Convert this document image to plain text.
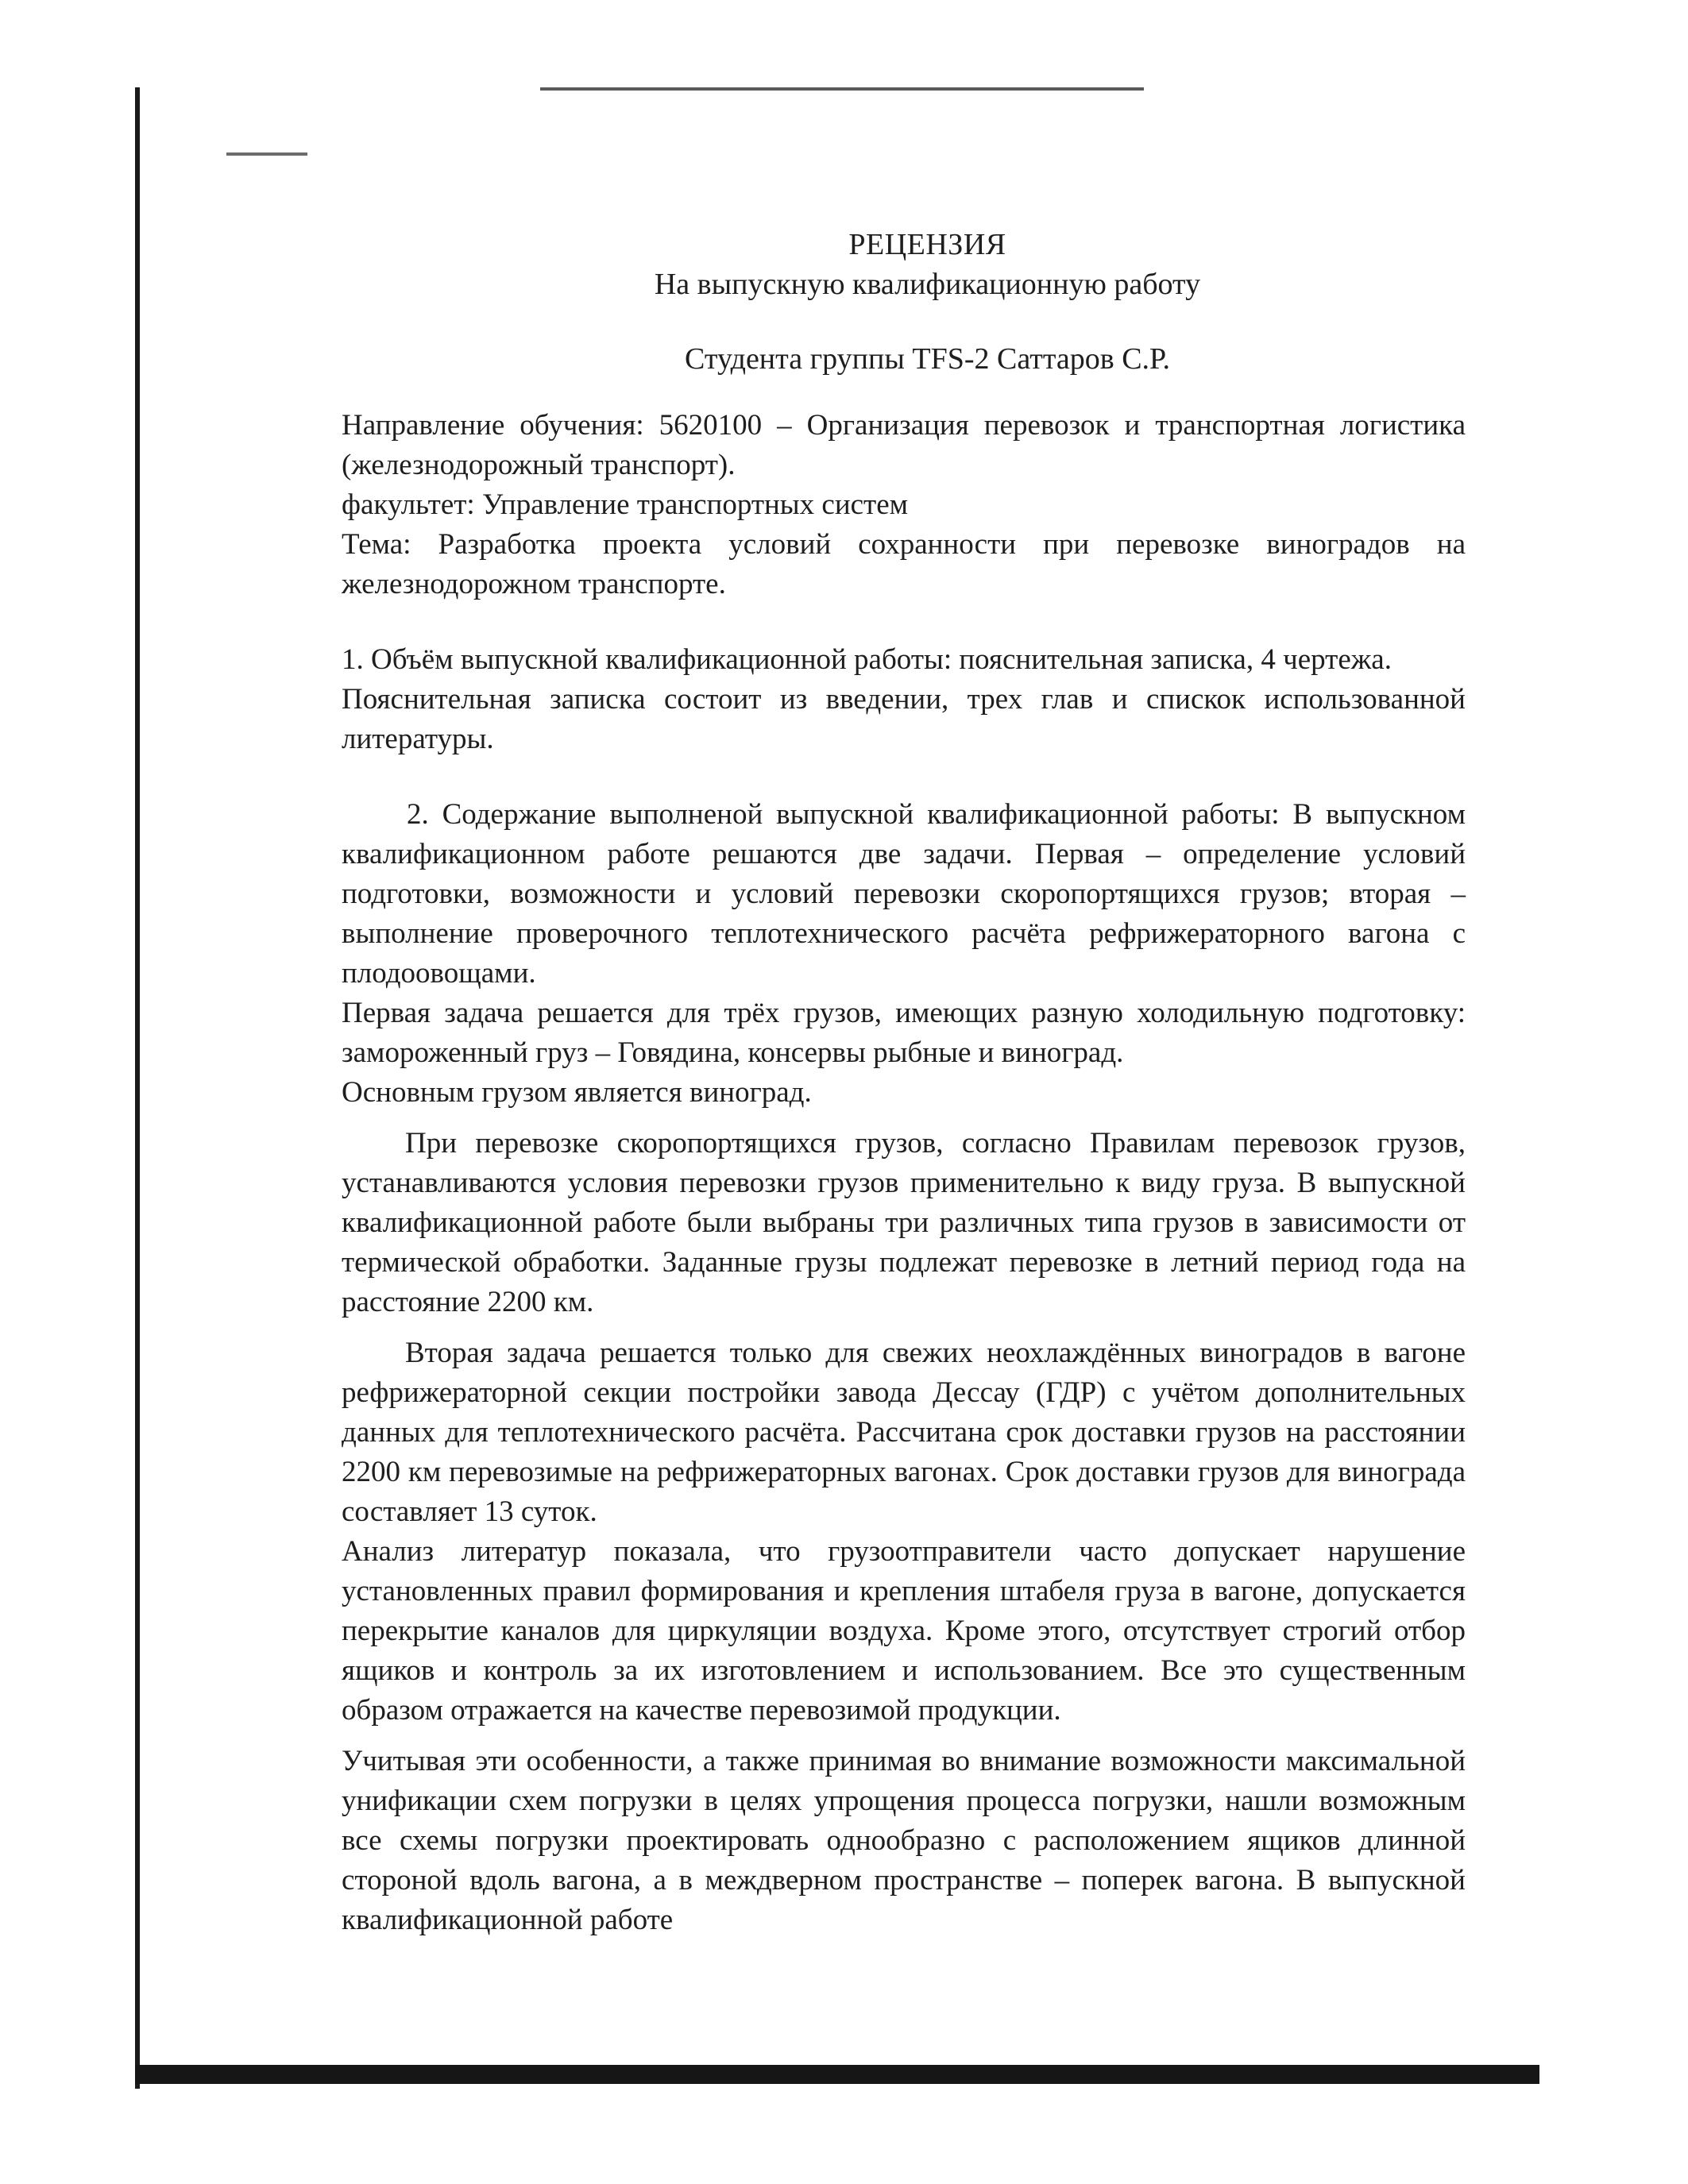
РЕЦЕНЗИЯ
На выпускную квалификационную работу
Студента группы TFS-2 Саттаров С.Р.

Направление обучения: 5620100 – Организация перевозок и транспортная логистика (железнодорожный транспорт).

факультет: Управление транспортных систем

Тема: Разработка проекта условий сохранности при перевозке виноградов на железнодорожном транспорте.

1. Объём выпускной квалификационной работы: пояснительная записка, 4 чертежа.

Пояснительная записка состоит из введении, трех глав и спискок использованной литературы.

2. Содержание выполненой выпускной квалификационной работы: В выпускном квалификационном работе решаются две задачи. Первая – определение условий подготовки, возможности и условий перевозки скоропортящихся грузов; вторая – выполнение проверочного теплотехнического расчёта рефрижераторного вагона с плодоовощами.

Первая задача решается для трёх грузов, имеющих разную холодильную подготовку: замороженный груз – Говядина, консервы рыбные и виноград.

Основным грузом является виноград.

При перевозке скоропортящихся грузов, согласно Правилам перевозок грузов, устанавливаются условия перевозки грузов применительно к виду груза. В выпускной квалификационной работе были выбраны три различных типа грузов в зависимости от термической обработки. Заданные грузы подлежат перевозке в летний период года на расстояние 2200 км.

Вторая задача решается только для свежих неохлаждённых виноградов в вагоне рефрижераторной секции постройки завода Дессау (ГДР) с учётом дополнительных данных для теплотехнического расчёта. Рассчитана срок доставки грузов на расстоянии 2200 км перевозимые на рефрижераторных вагонах. Срок доставки грузов для винограда составляет 13 суток.

Анализ литератур показала, что грузоотправители часто допускает нарушение установленных правил формирования и крепления штабеля груза в вагоне, допускается перекрытие каналов для циркуляции воздуха. Кроме этого, отсутствует строгий отбор ящиков и контроль за их изготовлением и использованием. Все это существенным образом отражается на качестве перевозимой продукции.

Учитывая эти особенности, а также принимая во внимание возможности максимальной унификации схем погрузки в целях упрощения процесса погрузки, нашли возможным все схемы погрузки проектировать однообразно с расположением ящиков длинной стороной вдоль вагона, а в междверном пространстве – поперек вагона. В выпускной квалификационной работе
